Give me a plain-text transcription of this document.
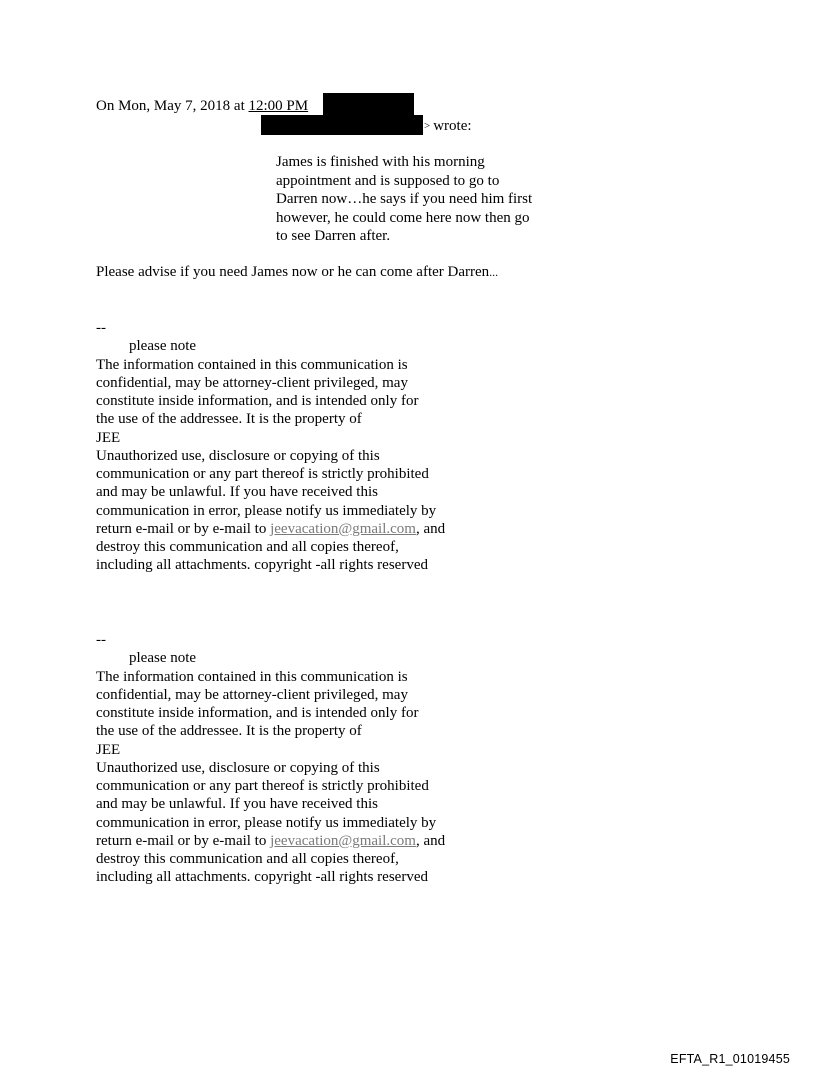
On Mon, May 7, 2018 at 12:00 PM
> wrote:
James is finished with his morning
appointment and is supposed to go to
Darren now…he says if you need him first
however, he could come here now then go
to see Darren after.
Please advise if you need James now or he can come after Darren...
--
please note
The information contained in this communication is
confidential, may be attorney-client privileged, may
constitute inside information, and is intended only for
the use of the addressee. It is the property of
JEE
Unauthorized use, disclosure or copying of this
communication or any part thereof is strictly prohibited
and may be unlawful. If you have received this
communication in error, please notify us immediately by
return e-mail or by e-mail to jeevacation@gmail.com, and
destroy this communication and all copies thereof,
including all attachments. copyright -all rights reserved
--
please note
The information contained in this communication is
confidential, may be attorney-client privileged, may
constitute inside information, and is intended only for
the use of the addressee. It is the property of
JEE
Unauthorized use, disclosure or copying of this
communication or any part thereof is strictly prohibited
and may be unlawful. If you have received this
communication in error, please notify us immediately by
return e-mail or by e-mail to jeevacation@gmail.com, and
destroy this communication and all copies thereof,
including all attachments. copyright -all rights reserved
EFTA_R1_01019455
